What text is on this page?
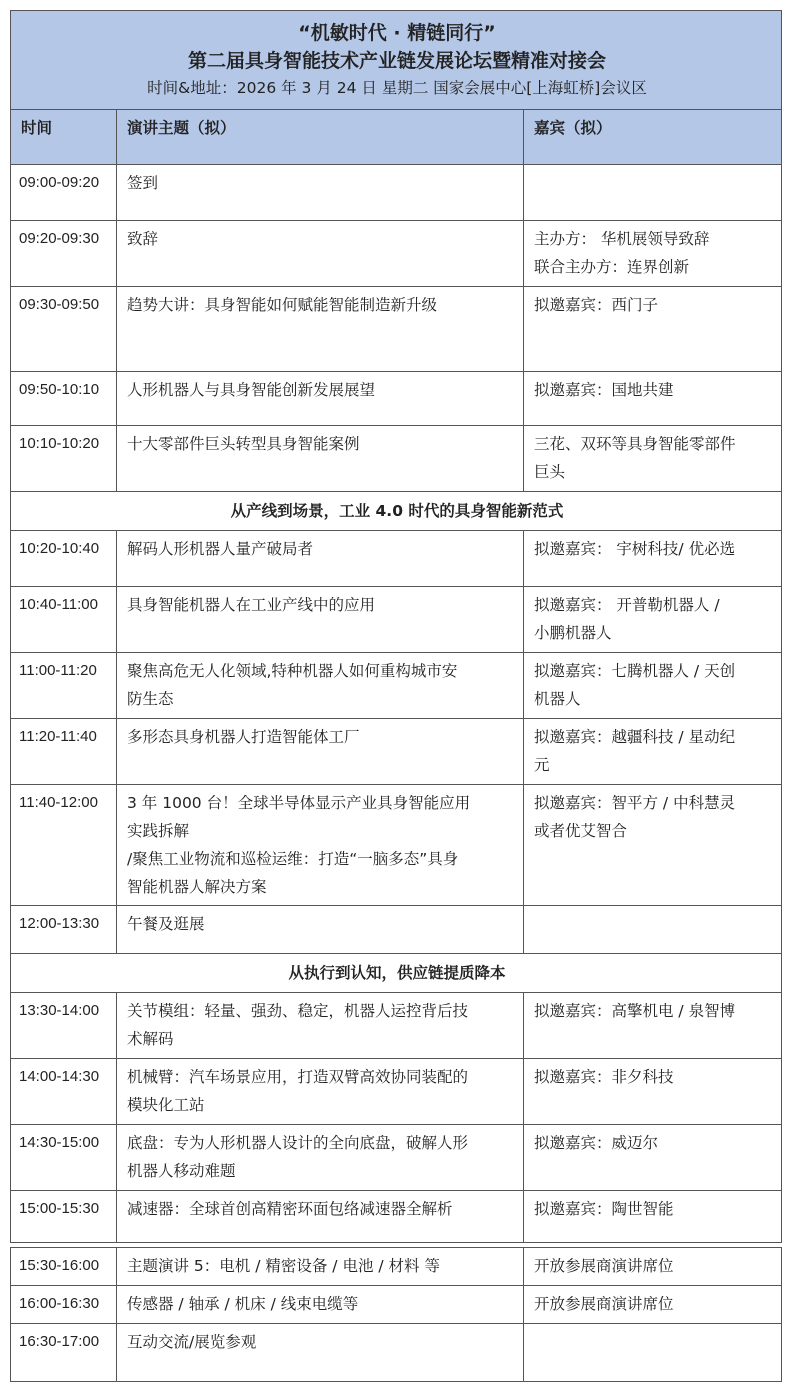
“机敏时代 · 精链同行”
第二届具身智能技术产业链发展论坛暨精准对接会
时间&地址：2026 年 3 月 24 日 星期二 国家会展中心[上海虹桥]会议区		

时间	演讲主题（拟）	嘉宾（拟）
09:00-09:20	签到	

09:20-09:30	致辞	主办方： 华机展领导致辞
联合主办方：连界创新

09:30-09:50	趋势大讲：具身智能如何赋能智能制造新升级	拟邀嘉宾：西门子

09:50-10:10	人形机器人与具身智能创新发展展望	拟邀嘉宾：国地共建

10:10-10:20	十大零部件巨头转型具身智能案例	三花、双环等具身智能零部件
巨头

从产线到场景，工业 4.0 时代的具身智能新范式		
10:20-10:40	解码人形机器人量产破局者	拟邀嘉宾： 宇树科技/ 优必选

10:40-11:00	具身智能机器人在工业产线中的应用	拟邀嘉宾： 开普勒机器人 /
小鹏机器人

11:00-11:20	聚焦高危无人化领域,特种机器人如何重构城市安
防生态	拟邀嘉宾：七腾机器人 / 天创
机器人

11:20-11:40	多形态具身机器人打造智能体工厂	拟邀嘉宾：越疆科技 / 星动纪
元

11:40-12:00	3 年 1000 台！全球半导体显示产业具身智能应用
实践拆解
/聚焦工业物流和巡检运维：打造“一脑多态”具身
智能机器人解决方案	拟邀嘉宾：智平方 / 中科慧灵
或者优艾智合

12:00-13:30	午餐及逛展	

从执行到认知，供应链提质降本		
13:30-14:00	关节模组：轻量、强劲、稳定，机器人运控背后技
术解码	拟邀嘉宾：高擎机电 / 泉智博

14:00-14:30	机械臂：汽车场景应用，打造双臂高效协同装配的
模块化工站	拟邀嘉宾：非夕科技

14:30-15:00	底盘：专为人形机器人设计的全向底盘，破解人形
机器人移动难题	拟邀嘉宾：威迈尔

15:00-15:30	减速器：全球首创高精密环面包络减速器全解析	拟邀嘉宾：陶世智能
15:30-16:00	主题演讲 5：电机 / 精密设备 / 电池 / 材料 等	开放参展商演讲席位

16:00-16:30	传感器 / 轴承 / 机床 / 线束电缆等	开放参展商演讲席位

16:30-17:00	互动交流/展览参观	
